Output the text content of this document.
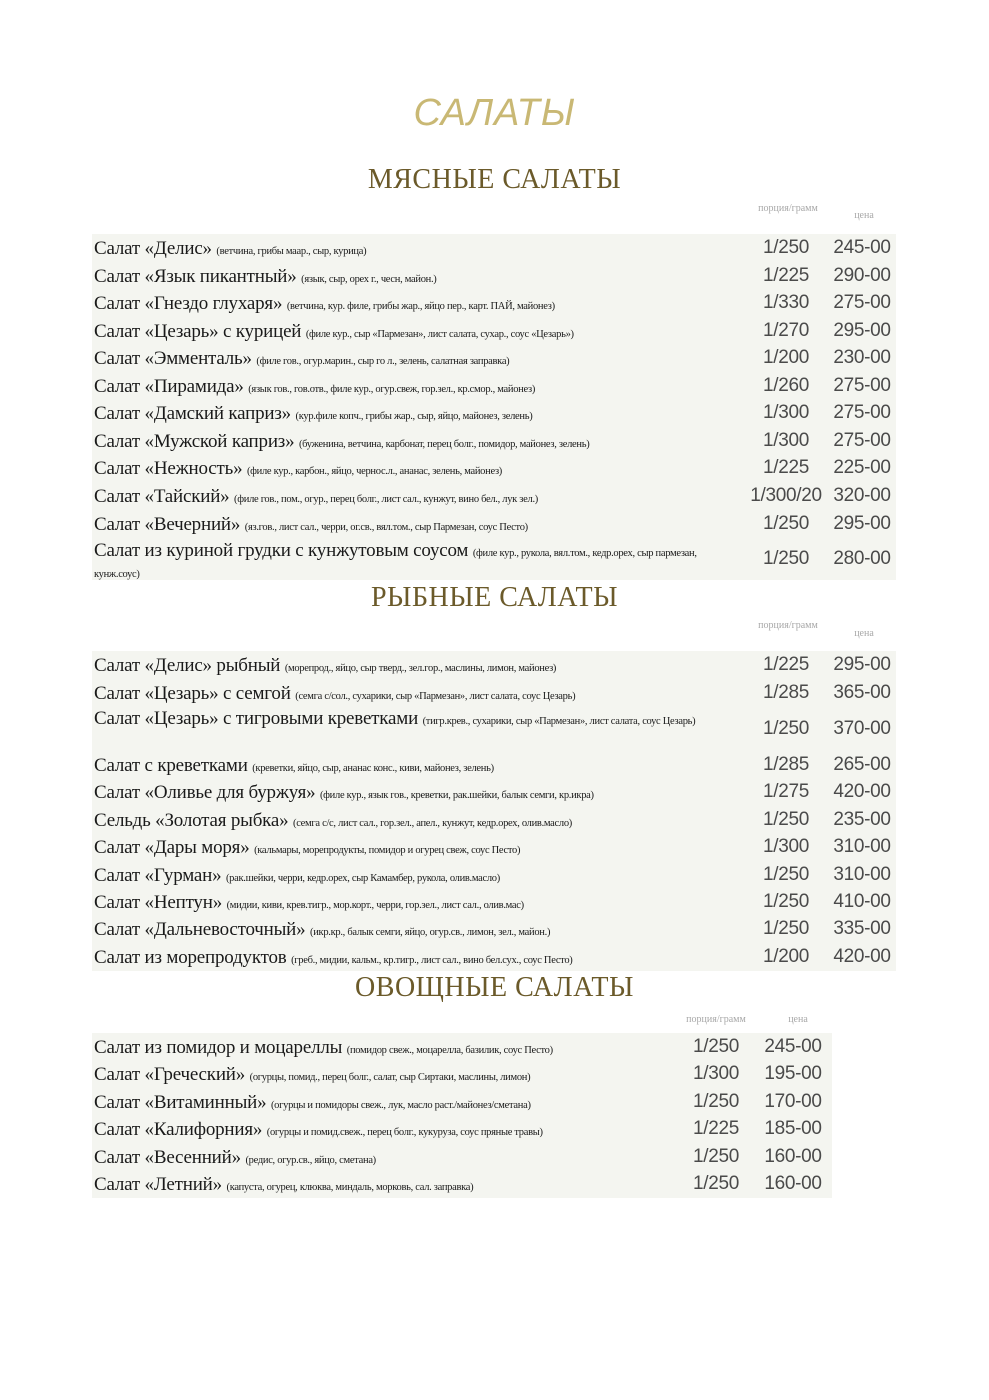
САЛАТЫ
МЯСНЫЕ САЛАТЫ
порция/грамм
цена
Салат «Делис» (ветчина, грибы маар., сыр, курица)	1/250	245-00
Салат «Язык пикантный» (язык, сыр, орех г., чесн, майон.)	1/225	290-00
Салат «Гнездо глухаря» (ветчина, кур. филе, грибы жар., яйцо пер., карт. ПАЙ, майонез)	1/330	275-00
Салат «Цезарь» с курицей (филе кур., сыр «Пармезан», лист салата, сухар., соус «Цезарь»)	1/270	295-00
Салат «Эмменталь» (филе гов., огур.марин., сыр го л., зелень, салатная заправка)	1/200	230-00
Салат «Пирамида» (язык гов., гов.отв., филе кур., огур.свеж, гор.зел., кр.смор., майонез)	1/260	275-00
Салат «Дамский каприз» (кур.филе копч., грибы жар., сыр, яйцо, майонез, зелень)	1/300	275-00
Салат «Мужской каприз» (буженина, ветчина, карбонат, перец болг., помидор, майонез, зелень)	1/300	275-00
Салат «Нежность» (филе кур., карбон., яйцо, чернос.л., ананас, зелень, майонез)	1/225	225-00
Салат «Тайский» (филе гов., пом., огур., перец болг., лист сал., кунжут, вино бел., лук зел.)	1/300/20 320-00
Салат «Вечерний» (яз.гов., лист сал., черри, ог.св., вял.том., сыр Пармезан, соус Песто)	1/250	295-00
Салат из куриной грудки с кунжутовым соусом (филе кур., рукола, вял.том., кедр.орех, сыр пармезан, кунж.соус)
1/250	280-00
РЫБНЫЕ САЛАТЫ
порция/грамм
цена
Салат «Делис» рыбный (морепрод., яйцо, сыр тверд., зел.гор., маслины, лимон, майонез)	1/225	295-00
Салат «Цезарь» с семгой (семга с/сол., сухарики, сыр «Пармезан», лист салата, соус Цезарь)	1/285	365-00
Салат «Цезарь» с тигровыми креветками (тигр.крев., сухарики, сыр «Пармезан», лист салата, соус Цезарь)	1/250	370-00
Салат с креветками (креветки, яйцо, сыр, ананас конс., киви, майонез, зелень)	1/285	265-00
Салат «Оливье для буржуя» (филе кур., язык гов., креветки, рак.шейки, балык семги, кр.икра)	1/275	420-00
Сельдь «Золотая рыбка» (семга с/с, лист сал., гор.зел., апел., кунжут, кедр.орех, олив.масло)	1/250	235-00
Салат «Дары моря» (кальмары, морепродукты, помидор и огурец свеж, соус Песто)	1/300	310-00
Салат «Гурман» (рак.шейки, черри, кедр.орех, сыр Камамбер, рукола, олив.масло)	1/250	310-00
Салат «Нептун» (мидии, киви, крев.тигр., мор.корт., черри, гор.зел., лист сал., олив.мас)	1/250	410-00
Салат «Дальневосточный» (икр.кр., балык семги, яйцо, огур.св., лимон, зел., майон.)	1/250	335-00
Салат из морепродуктов (греб., мидии, кальм., кр.тигр., лист сал., вино бел.сух., соус Песто)	1/200	420-00
ОВОЩНЫЕ САЛАТЫ
порция/грамм	цена
Салат из помидор и моцареллы (помидор свеж., моцарелла, базилик, соус Песто)	1/250	245-00
Салат «Греческий» (огурцы, помид., перец болг., салат, сыр Сиртаки, маслины, лимон)	1/300	195-00
Салат «Витаминный» (огурцы и помидоры свеж., лук, масло раст./майонез/сметана)	1/250	170-00
Салат «Калифорния» (огурцы и помид.свеж., перец болг., кукуруза, соус пряные травы)	1/225	185-00
Салат «Весенний» (редис, огур.св., яйцо, сметана)	1/250	160-00
Салат «Летний» (капуста, огурец, клюква, миндаль, морковь, сал. заправка)	1/250	160-00
